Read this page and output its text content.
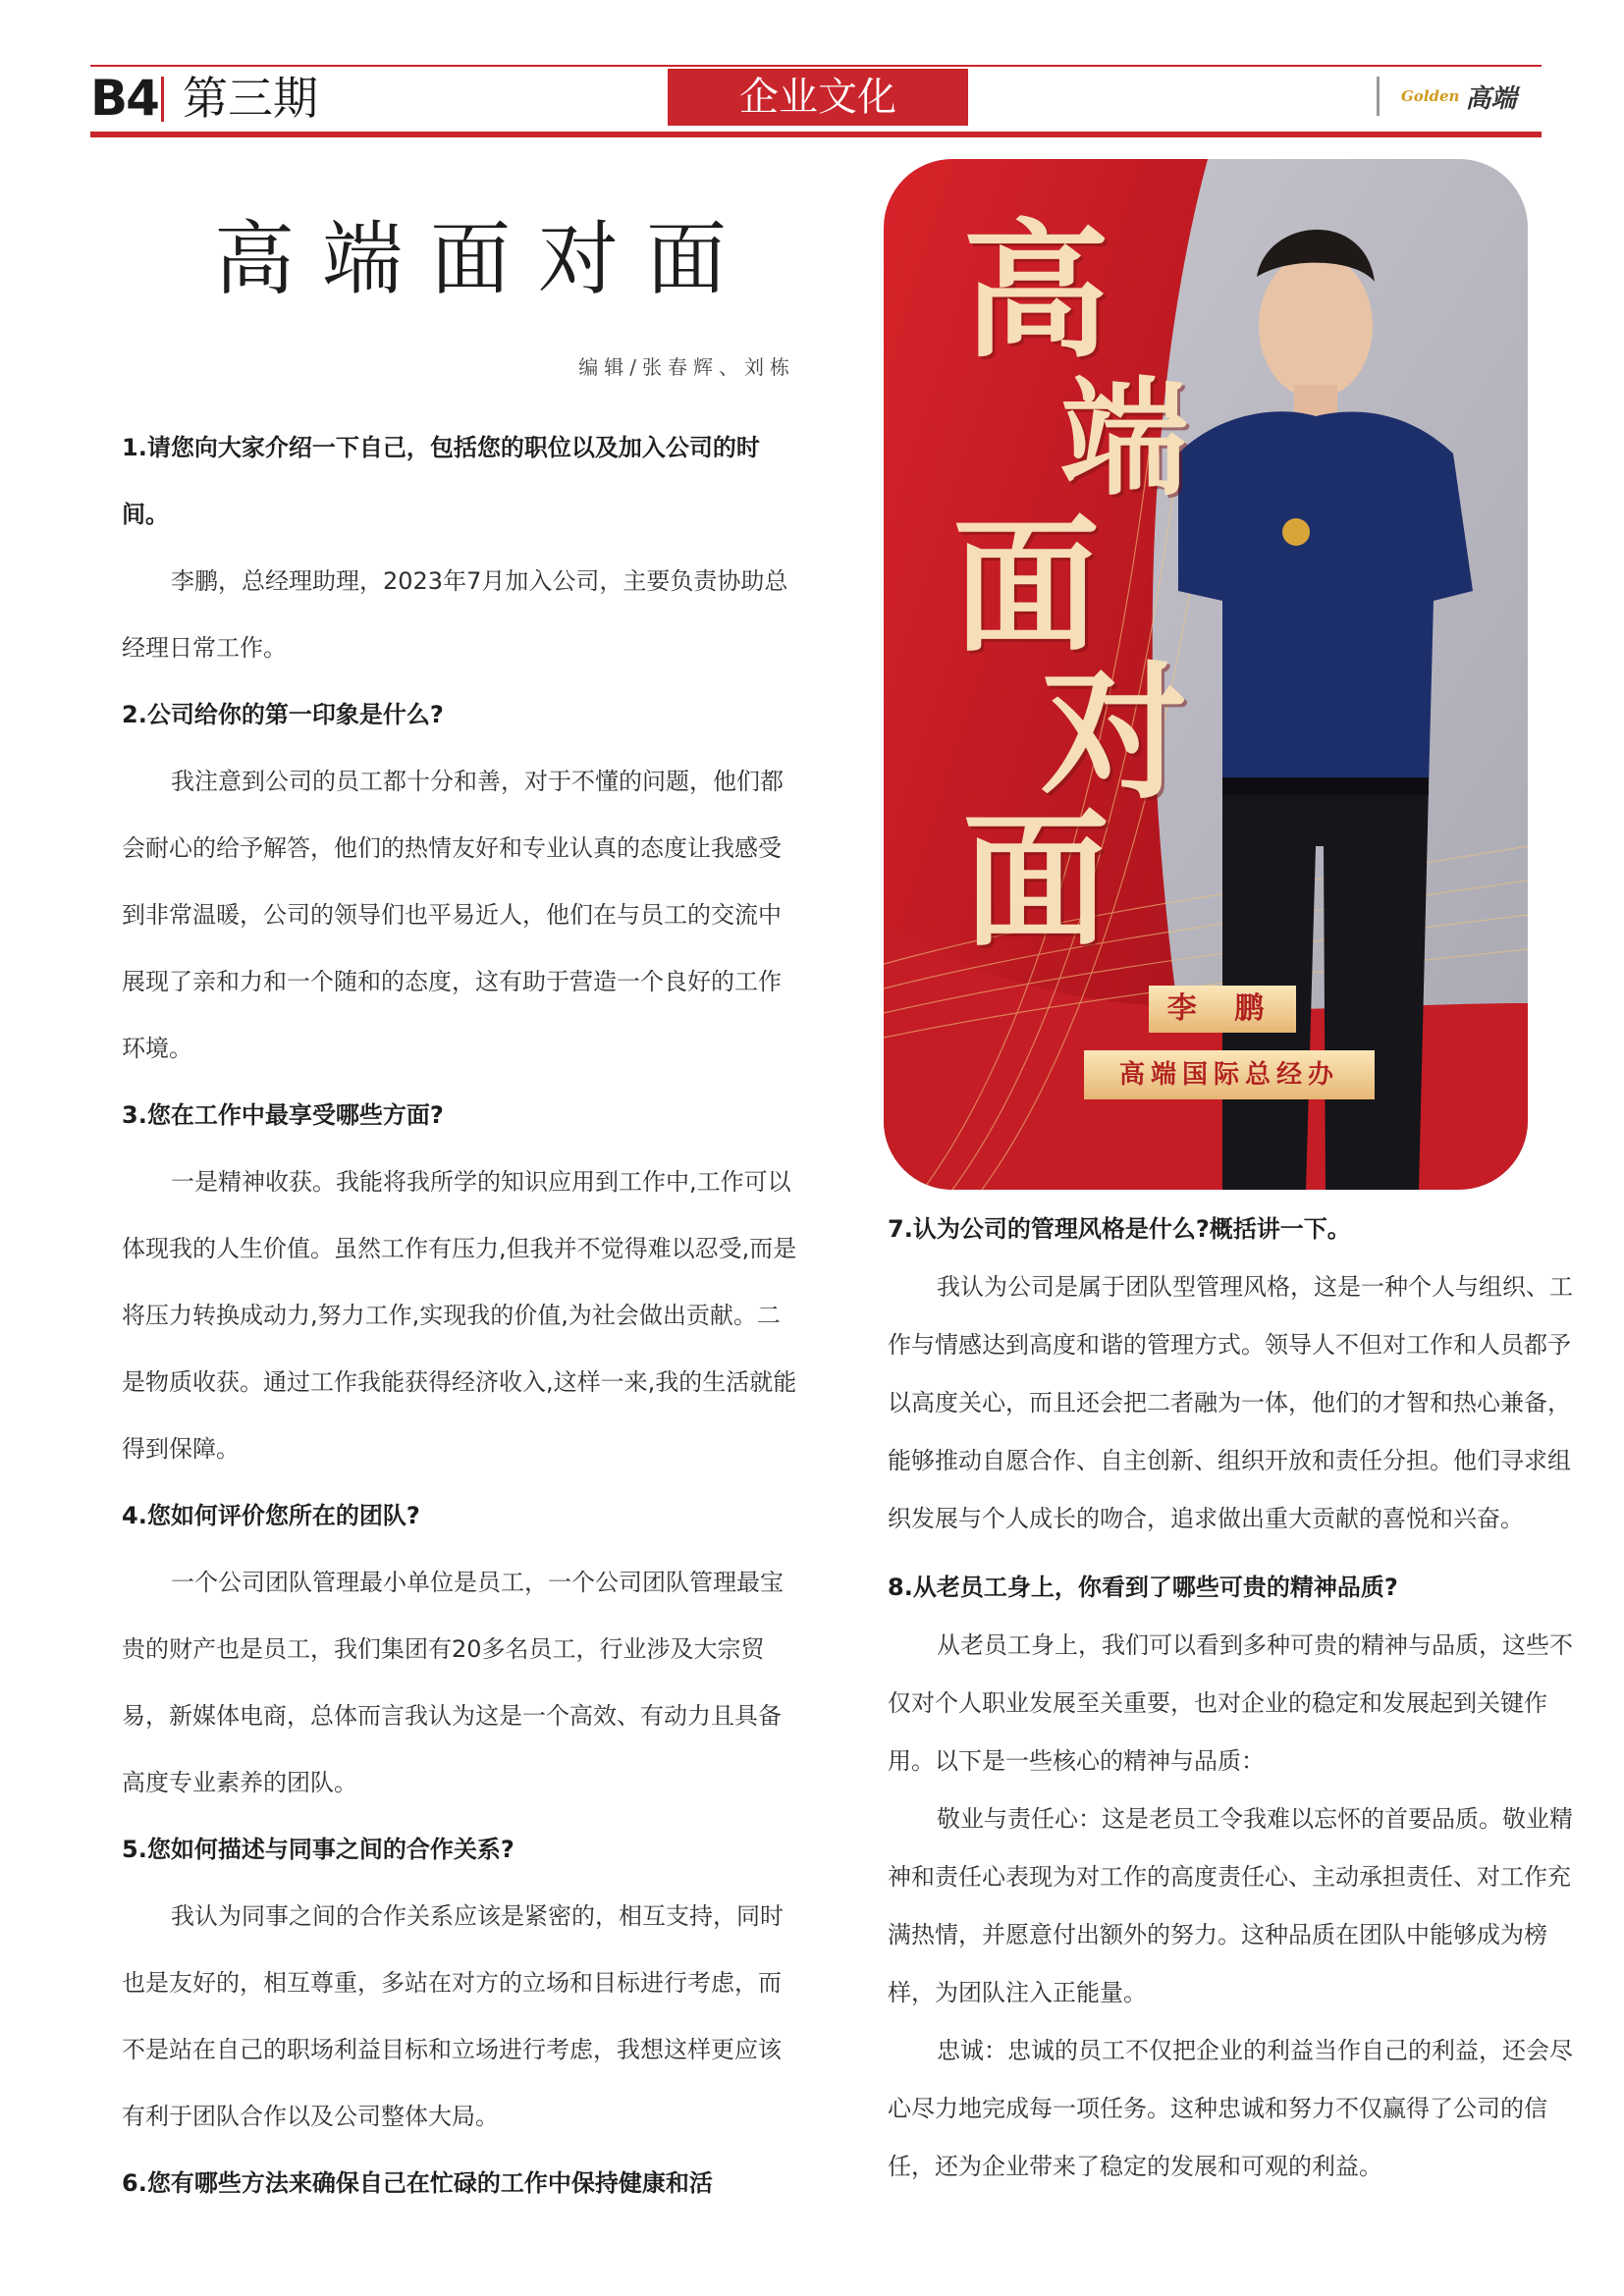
B4 第三期	企业文化	Golden 高端
高端面对面
编辑/张春辉、刘栋

1.请您向大家介绍一下自己，包括您的职位以及加入公司的时间。

李鹏，总经理助理，2023年7月加入公司，主要负责协助总经理日常工作。

2.公司给你的第一印象是什么?

我注意到公司的员工都十分和善，对于不懂的问题，他们都会耐心的给予解答，他们的热情友好和专业认真的态度让我感受到非常温暖，公司的领导们也平易近人，他们在与员工的交流中展现了亲和力和一个随和的态度，这有助于营造一个良好的工作环境。

3.您在工作中最享受哪些方面?

一是精神收获。我能将我所学的知识应用到工作中,工作可以体现我的人生价值。虽然工作有压力,但我并不觉得难以忍受,而是将压力转换成动力,努力工作,实现我的价值,为社会做出贡献。二是物质收获。通过工作我能获得经济收入,这样一来,我的生活就能得到保障。

4.您如何评价您所在的团队?

一个公司团队管理最小单位是员工，一个公司团队管理最宝贵的财产也是员工，我们集团有20多名员工，行业涉及大宗贸易，新媒体电商，总体而言我认为这是一个高效、有动力且具备高度专业素养的团队。

5.您如何描述与同事之间的合作关系?

我认为同事之间的合作关系应该是紧密的，相互支持，同时也是友好的，相互尊重，多站在对方的立场和目标进行考虑，而不是站在自己的职场利益目标和立场进行考虑，我想这样更应该有利于团队合作以及公司整体大局。

6.您有哪些方法来确保自己在忙碌的工作中保持健康和活

高
端
面
对
面
李 鹏
高端国际总经办

7.认为公司的管理风格是什么?概括讲一下。

我认为公司是属于团队型管理风格，这是一种个人与组织、工作与情感达到高度和谐的管理方式。领导人不但对工作和人员都予以高度关心，而且还会把二者融为一体，他们的才智和热心兼备，能够推动自愿合作、自主创新、组织开放和责任分担。他们寻求组织发展与个人成长的吻合，追求做出重大贡献的喜悦和兴奋。

8.从老员工身上，你看到了哪些可贵的精神品质?

从老员工身上，我们可以看到多种可贵的精神与品质，这些不仅对个人职业发展至关重要，也对企业的稳定和发展起到关键作用。以下是一些核心的精神与品质：

敬业与责任心：这是老员工令我难以忘怀的首要品质。敬业精神和责任心表现为对工作的高度责任心、主动承担责任、对工作充满热情，并愿意付出额外的努力。这种品质在团队中能够成为榜样，为团队注入正能量。

忠诚：忠诚的员工不仅把企业的利益当作自己的利益，还会尽心尽力地完成每一项任务。这种忠诚和努力不仅赢得了公司的信任，还为企业带来了稳定的发展和可观的利益。
